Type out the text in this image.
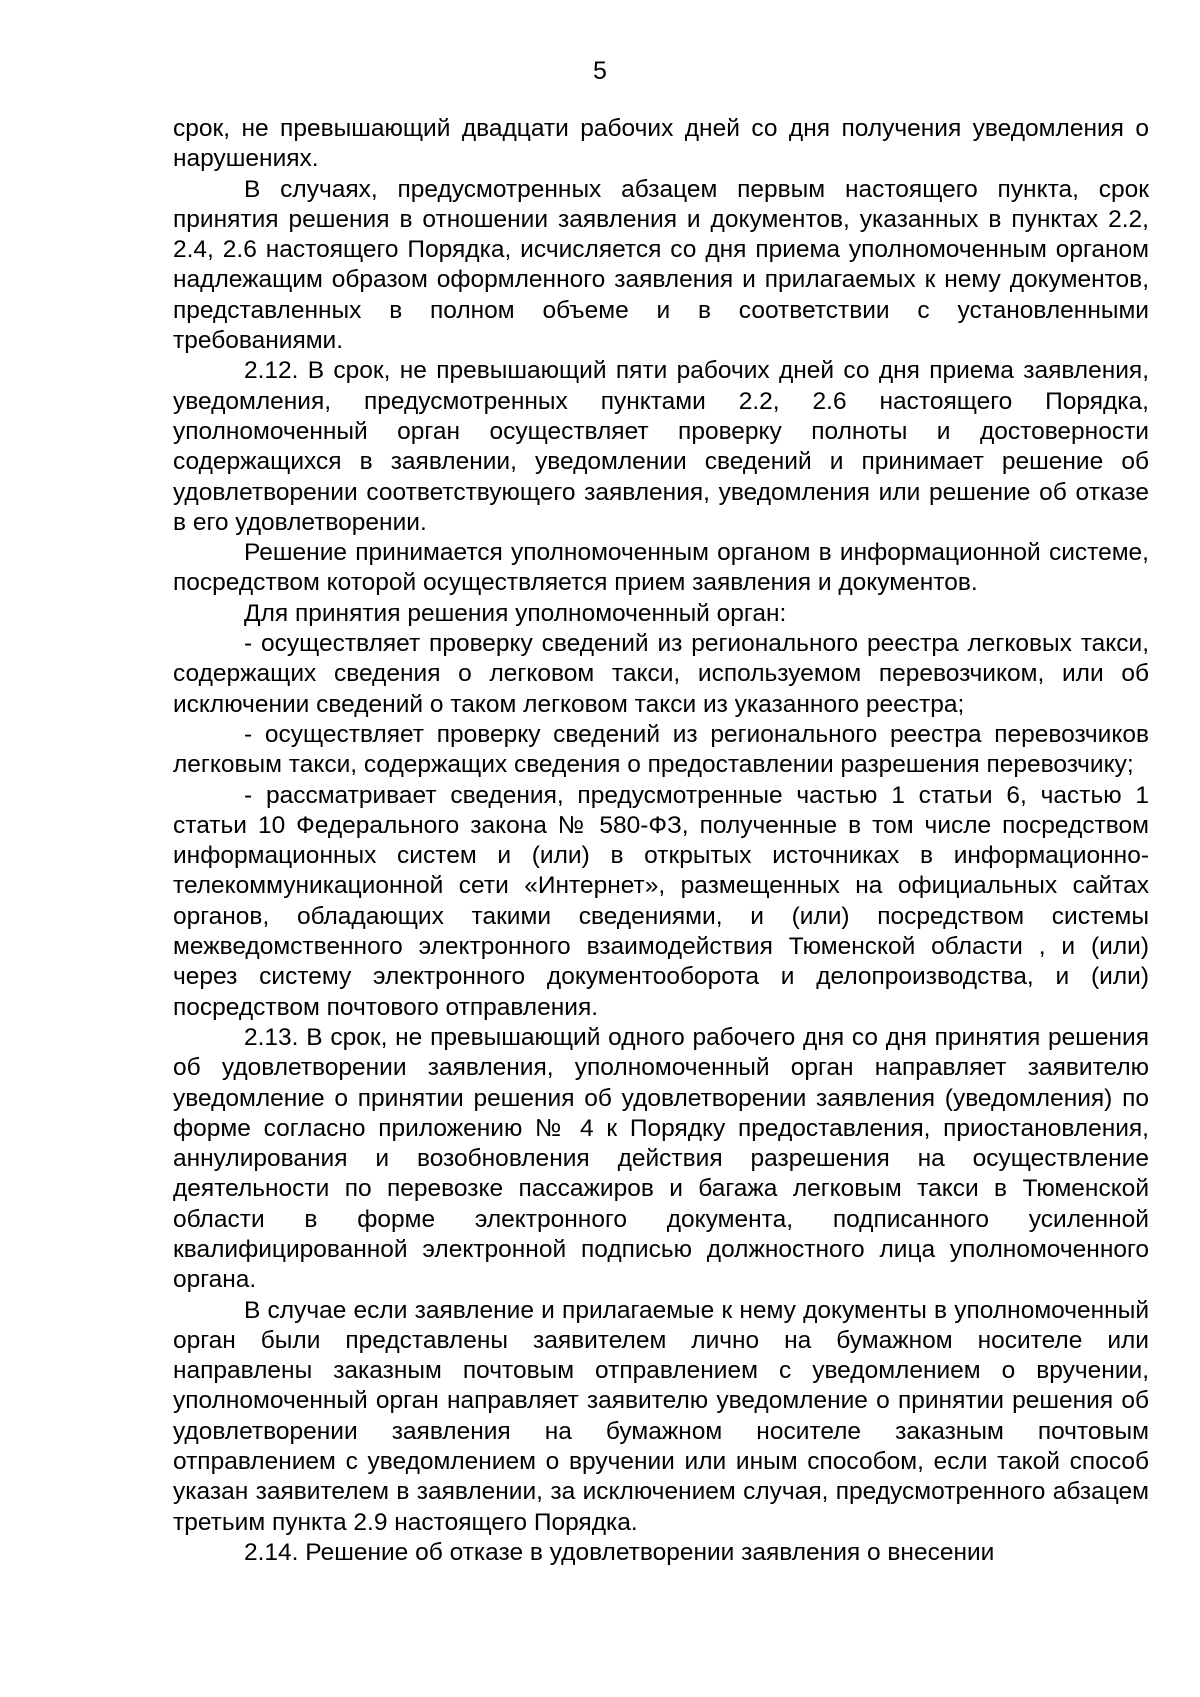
5

срок, не превышающий двадцати рабочих дней со дня получения уведомления о нарушениях.

В случаях, предусмотренных абзацем первым настоящего пункта, срок принятия решения в отношении заявления и документов, указанных в пунктах 2.2, 2.4, 2.6 настоящего Порядка, исчисляется со дня приема уполномоченным органом надлежащим образом оформленного заявления и прилагаемых к нему документов, представленных в полном объеме и в соответствии с установленными требованиями.

2.12. В срок, не превышающий пяти рабочих дней со дня приема заявления, уведомления, предусмотренных пунктами 2.2, 2.6 настоящего Порядка, уполномоченный орган осуществляет проверку полноты и достоверности содержащихся в заявлении, уведомлении сведений и принимает решение об удовлетворении соответствующего заявления, уведомления или решение об отказе в его удовлетворении.

Решение принимается уполномоченным органом в информационной системе, посредством которой осуществляется прием заявления и документов.

Для принятия решения уполномоченный орган:

- осуществляет проверку сведений из регионального реестра легковых такси, содержащих сведения о легковом такси, используемом перевозчиком, или об исключении сведений о таком легковом такси из указанного реестра;

- осуществляет проверку сведений из регионального реестра перевозчиков легковым такси, содержащих сведения о предоставлении разрешения перевозчику;

- рассматривает сведения, предусмотренные частью 1 статьи 6, частью 1 статьи 10 Федерального закона № 580-ФЗ, полученные в том числе посредством информационных систем и (или) в открытых источниках в информационно-телекоммуникационной сети «Интернет», размещенных на официальных сайтах органов, обладающих такими сведениями, и (или) посредством системы межведомственного электронного взаимодействия Тюменской области , и (или) через систему электронного документооборота и делопроизводства, и (или) посредством почтового отправления.

2.13. В срок, не превышающий одного рабочего дня со дня принятия решения об удовлетворении заявления, уполномоченный орган направляет заявителю уведомление о принятии решения об удовлетворении заявления (уведомления) по форме согласно приложению № 4 к Порядку предоставления, приостановления, аннулирования и возобновления действия разрешения на осуществление деятельности по перевозке пассажиров и багажа легковым такси в Тюменской области в форме электронного документа, подписанного усиленной квалифицированной электронной подписью должностного лица уполномоченного органа.

В случае если заявление и прилагаемые к нему документы в уполномоченный орган были представлены заявителем лично на бумажном носителе или направлены заказным почтовым отправлением с уведомлением о вручении, уполномоченный орган направляет заявителю уведомление о принятии решения об удовлетворении заявления на бумажном носителе заказным почтовым отправлением с уведомлением о вручении или иным способом, если такой способ указан заявителем в заявлении, за исключением случая, предусмотренного абзацем третьим пункта 2.9 настоящего Порядка.

2.14. Решение об отказе в удовлетворении заявления о внесении
